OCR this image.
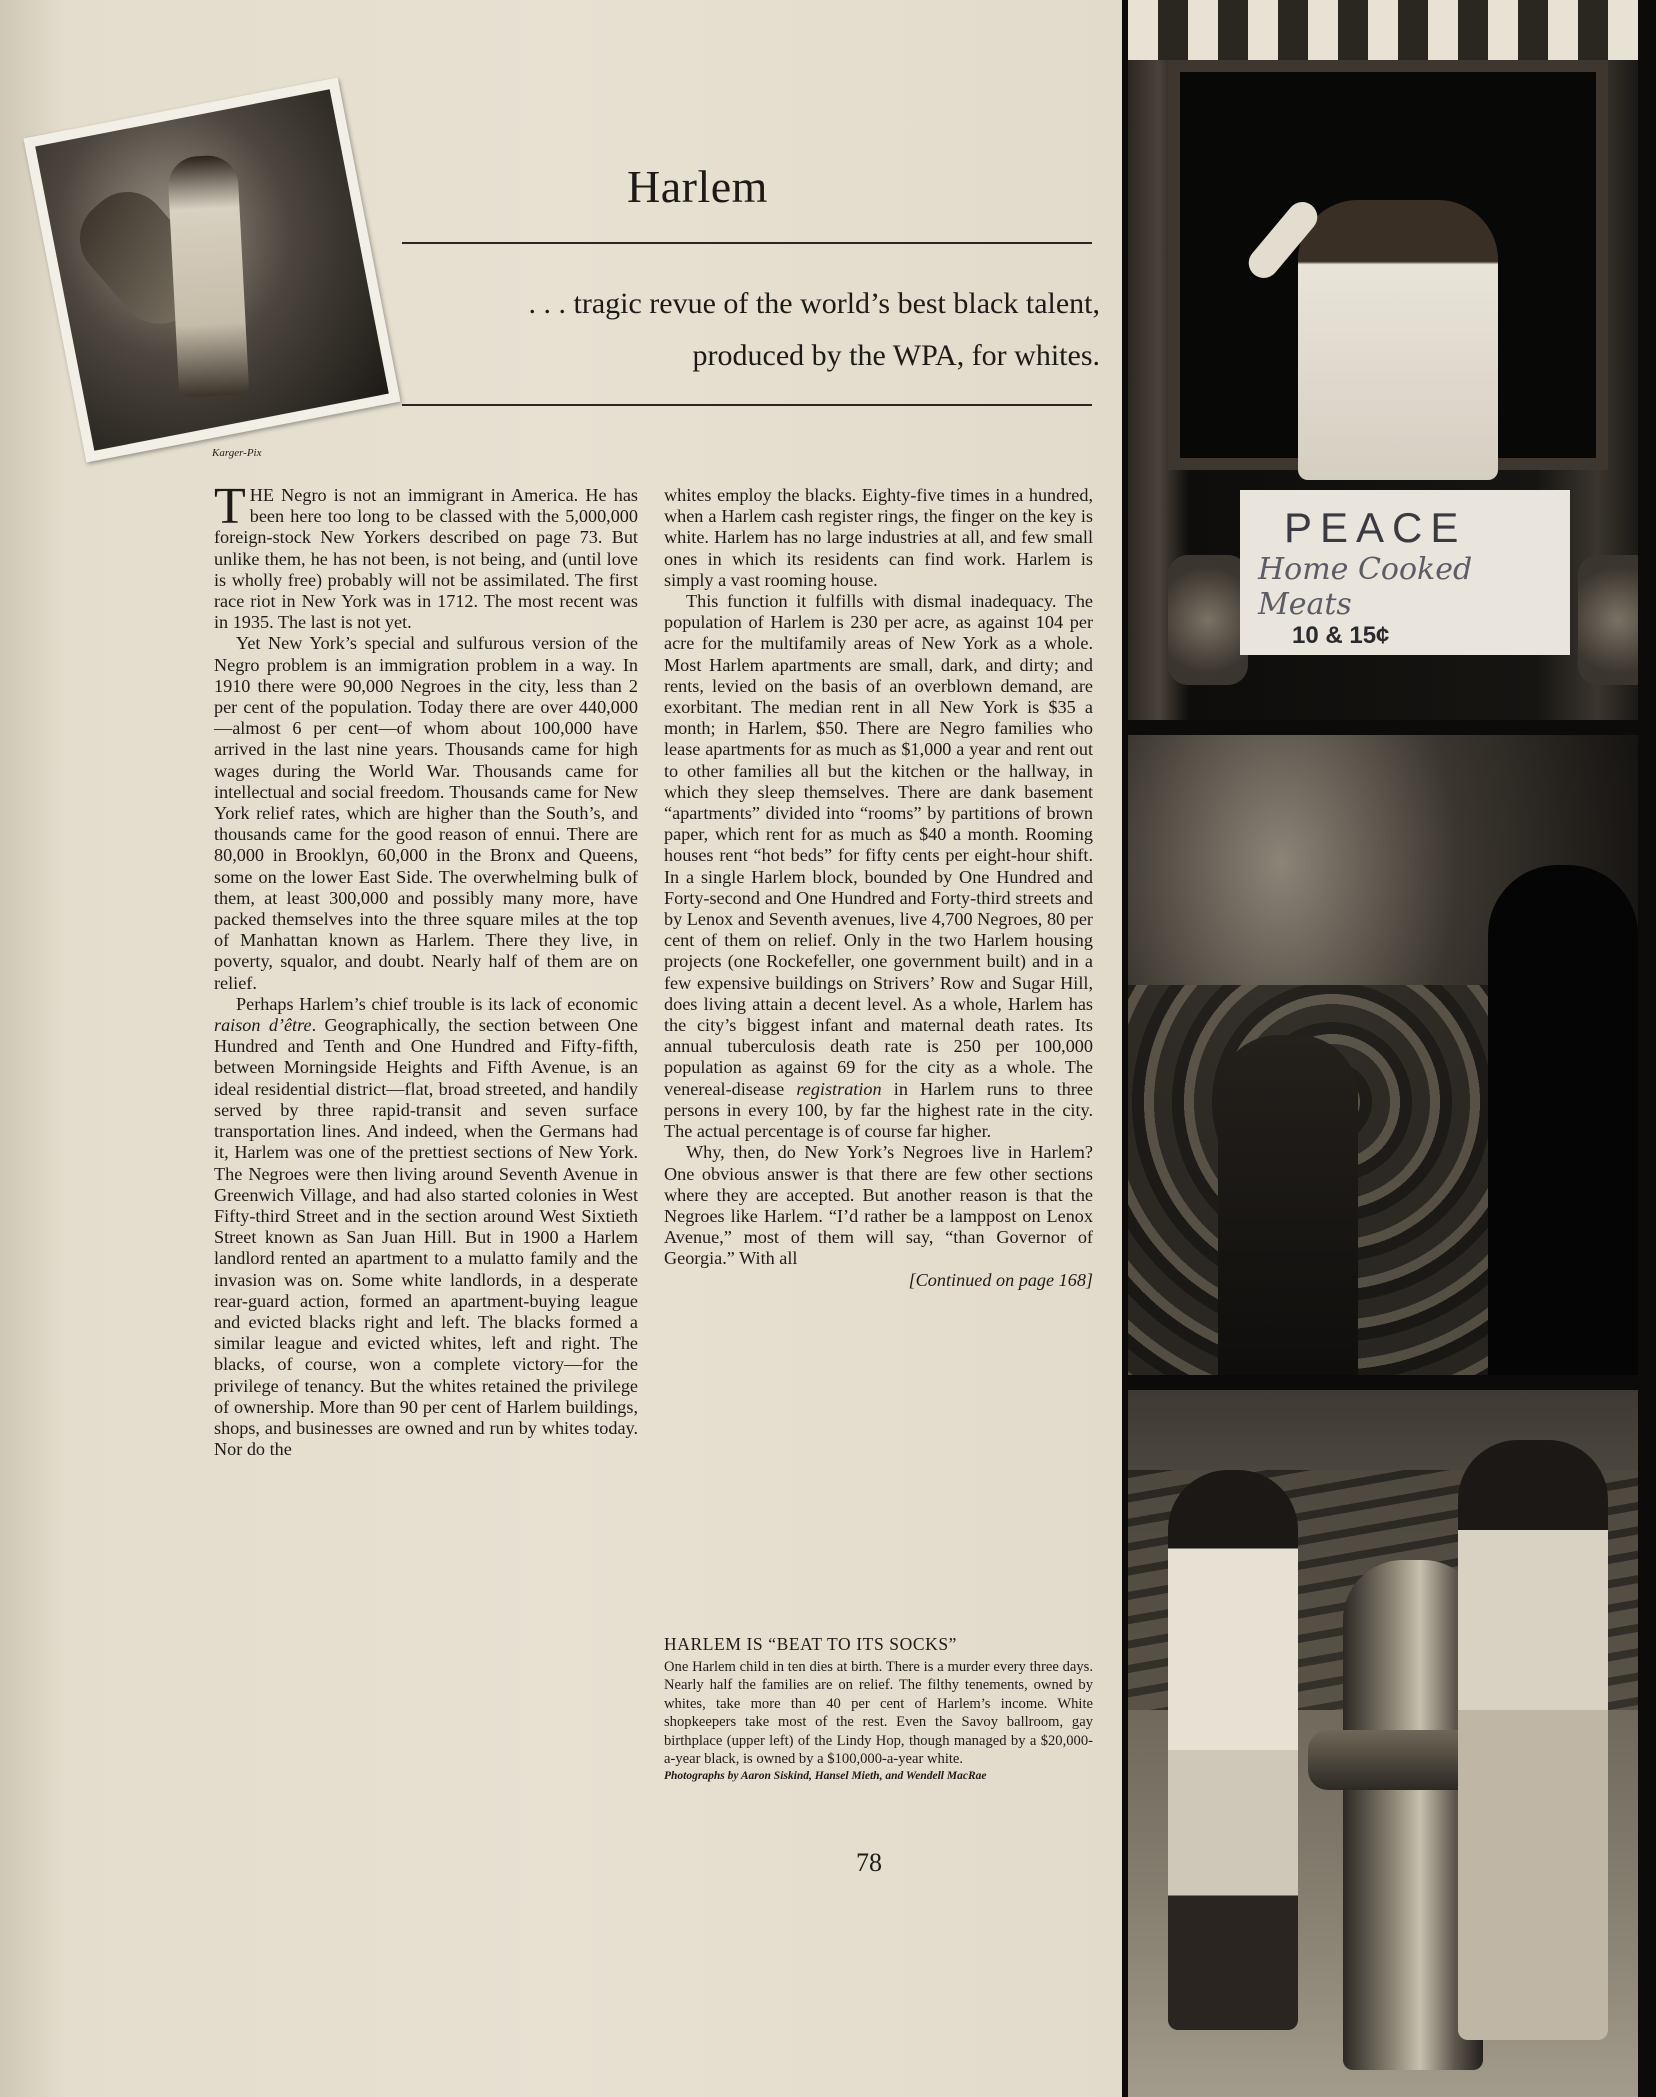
Karger-Pix
Harlem
. . . tragic revue of the world’s best black talent, produced by the WPA, for whites.

THE Negro is not an immigrant in America. He has been here too long to be classed with the 5,000,000 foreign-stock New Yorkers described on page 73. But unlike them, he has not been, is not being, and (until love is wholly free) probably will not be assimilated. The first race riot in New York was in 1712. The most recent was in 1935. The last is not yet.

Yet New York’s special and sulfurous version of the Negro problem is an immigration problem in a way. In 1910 there were 90,000 Negroes in the city, less than 2 per cent of the population. Today there are over 440,000—almost 6 per cent—of whom about 100,000 have arrived in the last nine years. Thousands came for high wages during the World War. Thousands came for intellectual and social freedom. Thousands came for New York relief rates, which are higher than the South’s, and thousands came for the good reason of ennui. There are 80,000 in Brooklyn, 60,000 in the Bronx and Queens, some on the lower East Side. The overwhelming bulk of them, at least 300,000 and possibly many more, have packed themselves into the three square miles at the top of Manhattan known as Harlem. There they live, in poverty, squalor, and doubt. Nearly half of them are on relief.

Perhaps Harlem’s chief trouble is its lack of economic raison d’être. Geographically, the section between One Hundred and Tenth and One Hundred and Fifty-fifth, between Morningside Heights and Fifth Avenue, is an ideal residential district—flat, broad streeted, and handily served by three rapid-transit and seven surface transportation lines. And indeed, when the Germans had it, Harlem was one of the prettiest sections of New York. The Negroes were then living around Seventh Avenue in Greenwich Village, and had also started colonies in West Fifty-third Street and in the section around West Sixtieth Street known as San Juan Hill. But in 1900 a Harlem landlord rented an apartment to a mulatto family and the invasion was on. Some white landlords, in a desperate rear-guard action, formed an apartment-buying league and evicted blacks right and left. The blacks formed a similar league and evicted whites, left and right. The blacks, of course, won a complete victory—for the privilege of tenancy. But the whites retained the privilege of ownership. More than 90 per cent of Harlem buildings, shops, and businesses are owned and run by whites today. Nor do the

whites employ the blacks. Eighty-five times in a hundred, when a Harlem cash register rings, the finger on the key is white. Harlem has no large industries at all, and few small ones in which its residents can find work. Harlem is simply a vast rooming house.

This function it fulfills with dismal inadequacy. The population of Harlem is 230 per acre, as against 104 per acre for the multifamily areas of New York as a whole. Most Harlem apartments are small, dark, and dirty; and rents, levied on the basis of an overblown demand, are exorbitant. The median rent in all New York is $35 a month; in Harlem, $50. There are Negro families who lease apartments for as much as $1,000 a year and rent out to other families all but the kitchen or the hallway, in which they sleep themselves. There are dank basement “apartments” divided into “rooms” by partitions of brown paper, which rent for as much as $40 a month. Rooming houses rent “hot beds” for fifty cents per eight-hour shift. In a single Harlem block, bounded by One Hundred and Forty-second and One Hundred and Forty-third streets and by Lenox and Seventh avenues, live 4,700 Negroes, 80 per cent of them on relief. Only in the two Harlem housing projects (one Rockefeller, one government built) and in a few expensive buildings on Strivers’ Row and Sugar Hill, does living attain a decent level. As a whole, Harlem has the city’s biggest infant and maternal death rates. Its annual tuberculosis death rate is 250 per 100,000 population as against 69 for the city as a whole. The venereal-disease registration in Harlem runs to three persons in every 100, by far the highest rate in the city. The actual percentage is of course far higher.

Why, then, do New York’s Negroes live in Harlem? One obvious answer is that there are few other sections where they are accepted. But another reason is that the Negroes like Harlem. “I’d rather be a lamppost on Lenox Avenue,” most of them will say, “than Governor of Georgia.” With all

[Continued on page 168]

HARLEM IS “BEAT TO ITS SOCKS”
One Harlem child in ten dies at birth. There is a murder every three days. Nearly half the families are on relief. The filthy tenements, owned by whites, take more than 40 per cent of Harlem’s income. White shopkeepers take most of the rest. Even the Savoy ballroom, gay birthplace (upper left) of the Lindy Hop, though managed by a $20,000-a-year black, is owned by a $100,000-a-year white.
Photographs by Aaron Siskind, Hansel Mieth, and Wendell MacRae
78
PEACE
Home Cooked Meats
10 & 15¢
